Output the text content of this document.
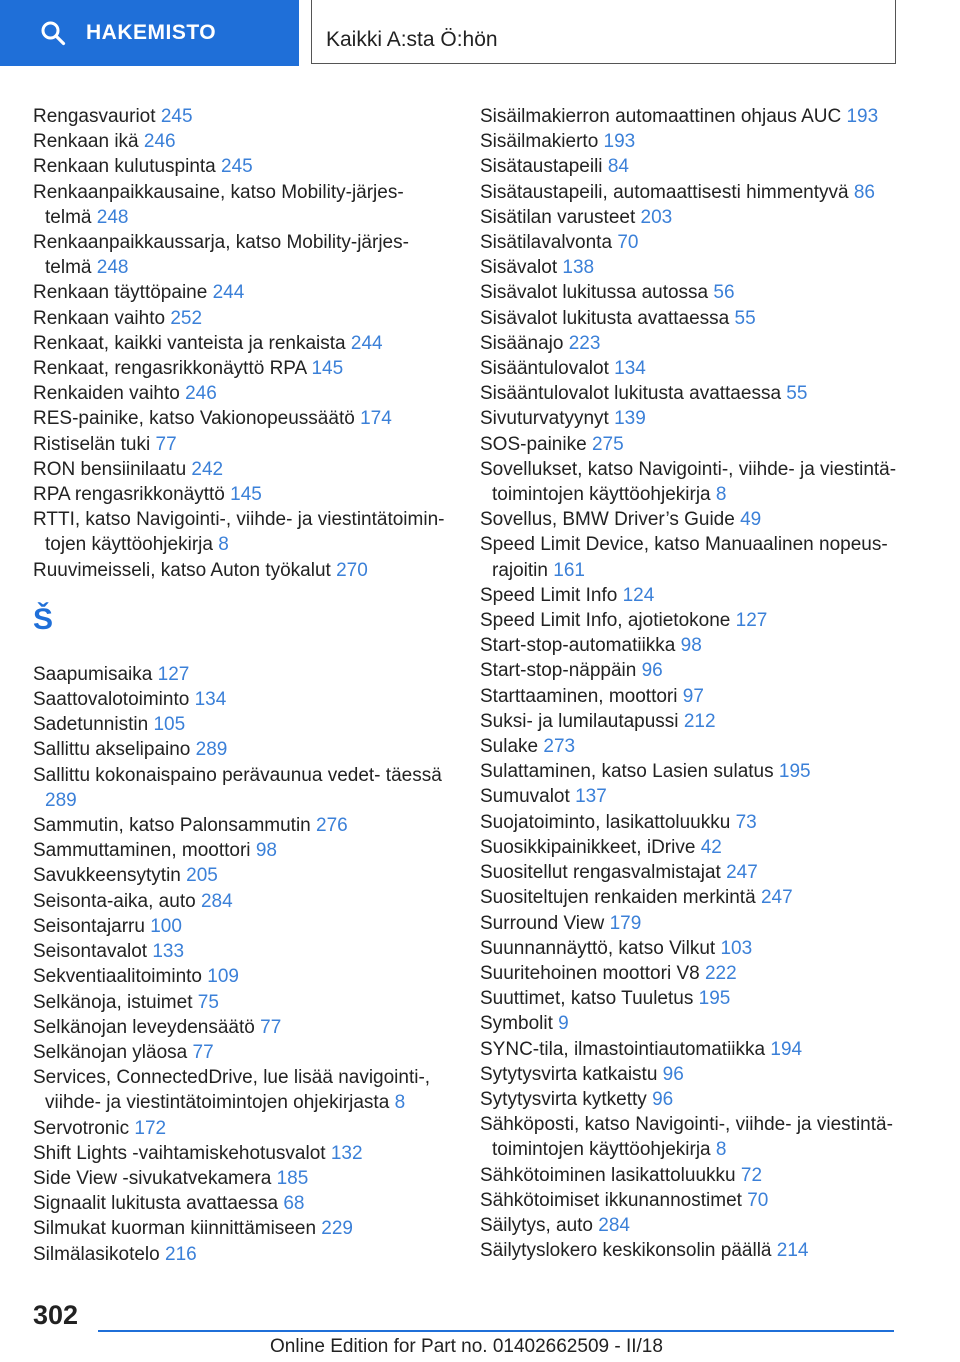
HAKEMISTO	Kaikki A:sta Ö:hön
Rengasvauriot 245
Renkaan ikä 246
Renkaan kulutuspinta 245
Renkaanpaikkausaine, katso Mobility-järjes‐ telmä 248
Renkaanpaikkaussarja, katso Mobility-järjes‐ telmä 248
Renkaan täyttöpaine 244
Renkaan vaihto 252
Renkaat, kaikki vanteista ja renkaista 244
Renkaat, rengasrikkonäyttö RPA 145
Renkaiden vaihto 246
RES-painike, katso Vakionopeussäätö 174
Ristiselän tuki 77
RON bensiinilaatu 242
RPA rengasrikkonäyttö 145
RTTI, katso Navigointi-, viihde- ja viestintätoimin‐ tojen käyttöohjekirja 8
Ruuvimeisseli, katso Auton työkalut 270
Š
Saapumisaika 127
Saattovalotoiminto 134
Sadetunnistin 105
Sallittu akselipaino 289
Sallittu kokonaispaino perävaunua vedet‐ täessä 289
Sammutin, katso Palonsammutin 276
Sammuttaminen, moottori 98
Savukkeensytytin 205
Seisonta-aika, auto 284
Seisontajarru 100
Seisontavalot 133
Sekventiaalitoiminto 109
Selkänoja, istuimet 75
Selkänojan leveydensäätö 77
Selkänojan yläosa 77
Services, ConnectedDrive, lue lisää navigointi-, viihde- ja viestintätoimintojen ohjekirjasta 8
Servotronic 172
Shift Lights -vaihtamiskehotusvalot 132
Side View -sivukatvekamera 185
Signaalit lukitusta avattaessa 68
Silmukat kuorman kiinnittämiseen 229
Silmälasikotelo 216
Sisäilmakierron automaattinen ohjaus AUC 193
Sisäilmakierto 193
Sisätaustapeili 84
Sisätaustapeili, automaattisesti himmentyvä 86
Sisätilan varusteet 203
Sisätilavalvonta 70
Sisävalot 138
Sisävalot lukitussa autossa 56
Sisävalot lukitusta avattaessa 55
Sisäänajo 223
Sisääntulovalot 134
Sisääntulovalot lukitusta avattaessa 55
Sivuturvatyynyt 139
SOS-painike 275
Sovellukset, katso Navigointi-, viihde- ja viestintä‐ toimintojen käyttöohjekirja 8
Sovellus, BMW Driver’s Guide 49
Speed Limit Device, katso Manuaalinen nopeus‐ rajoitin 161
Speed Limit Info 124
Speed Limit Info, ajotietokone 127
Start-stop-automatiikka 98
Start-stop-näppäin 96
Starttaaminen, moottori 97
Suksi- ja lumilautapussi 212
Sulake 273
Sulattaminen, katso Lasien sulatus 195
Sumuvalot 137
Suojatoiminto, lasikattoluukku 73
Suosikkipainikkeet, iDrive 42
Suositellut rengasvalmistajat 247
Suositeltujen renkaiden merkintä 247
Surround View 179
Suunnannäyttö, katso Vilkut 103
Suuritehoinen moottori V8 222
Suuttimet, katso Tuuletus 195
Symbolit 9
SYNC-tila, ilmastointiautomatiikka 194
Sytytysvirta katkaistu 96
Sytytysvirta kytketty 96
Sähköposti, katso Navigointi-, viihde- ja viestintä‐ toimintojen käyttöohjekirja 8
Sähkötoiminen lasikattoluukku 72
Sähkötoimiset ikkunannostimet 70
Säilytys, auto 284
Säilytyslokero keskikonsolin päällä 214
302
Online Edition for Part no. 01402662509 - II/18
